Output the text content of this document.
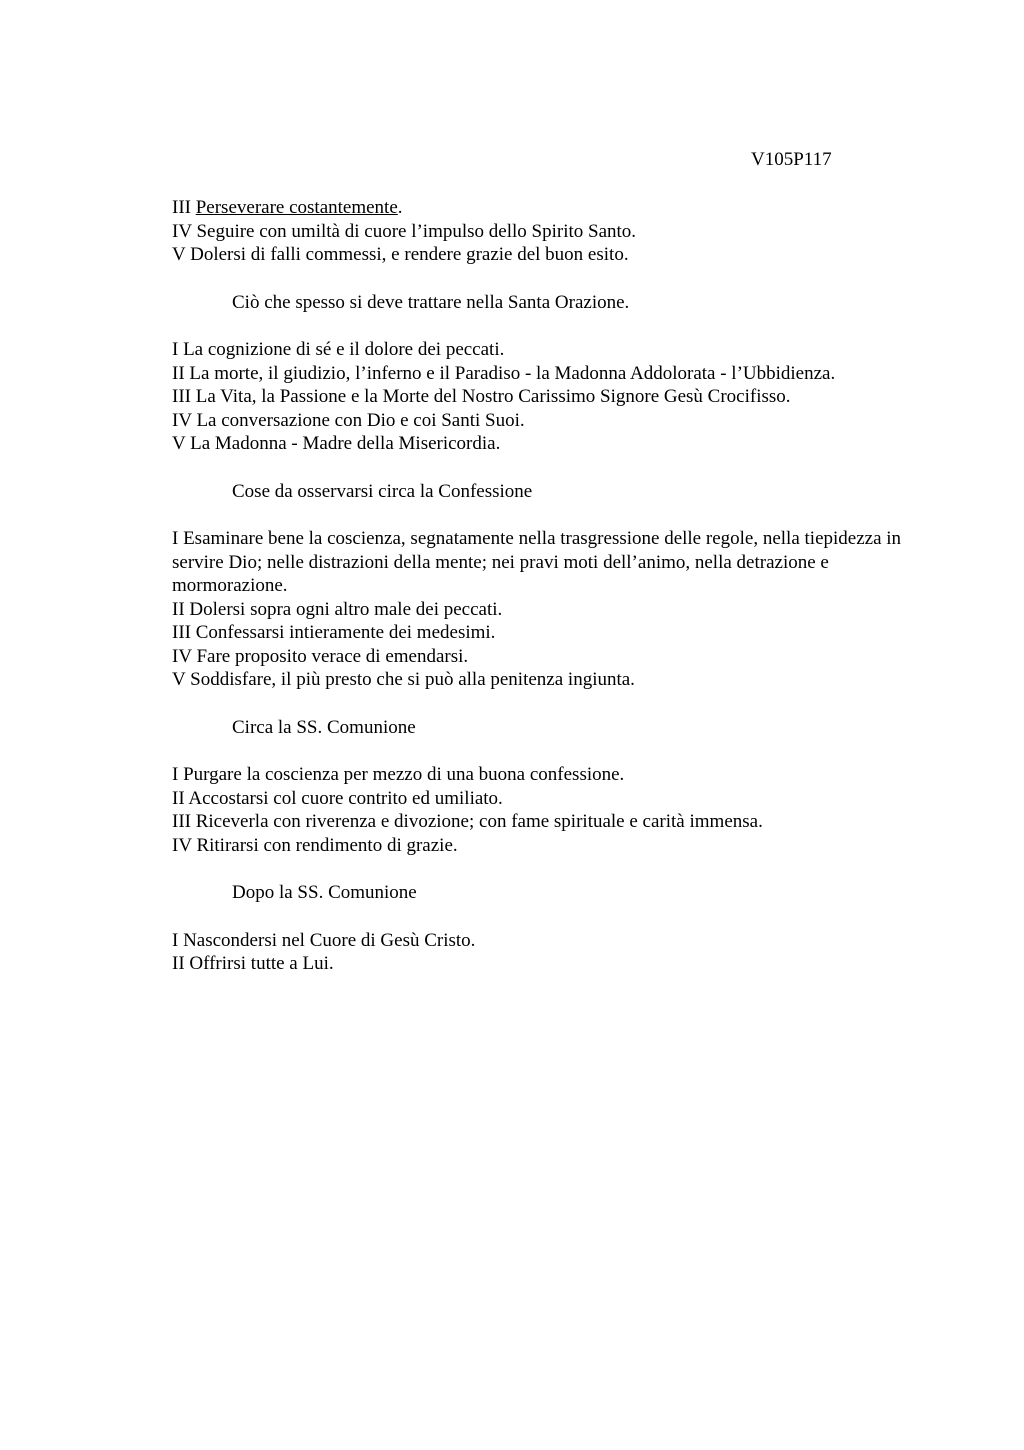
V105P117
III Perseverare costantemente.
IV Seguire con umiltà di cuore l’impulso dello Spirito Santo.
V Dolersi di falli commessi, e rendere grazie del buon esito.
Ciò che spesso si deve trattare nella Santa Orazione.
I La cognizione di sé e il dolore dei peccati.
II La morte, il giudizio, l’inferno e il Paradiso - la Madonna Addolorata - l’Ubbidienza.
III La Vita, la Passione e la Morte del Nostro Carissimo Signore Gesù Crocifisso.
IV La conversazione con Dio e coi Santi Suoi.
V La Madonna - Madre della Misericordia.
Cose da osservarsi circa la Confessione
I Esaminare bene la coscienza, segnatamente nella trasgressione delle regole, nella tiepidezza in servire Dio; nelle distrazioni della mente; nei pravi moti dell’animo, nella detrazione e mormorazione.
II Dolersi sopra ogni altro male dei peccati.
III Confessarsi intieramente dei medesimi.
IV Fare proposito verace di emendarsi.
V Soddisfare, il più presto che si può alla penitenza ingiunta.
Circa la SS. Comunione
I Purgare la coscienza per mezzo di una buona confessione.
II Accostarsi col cuore contrito ed umiliato.
III Riceverla con riverenza e divozione; con fame spirituale e carità immensa.
IV Ritirarsi con rendimento di grazie.
Dopo la SS. Comunione
I Nascondersi nel Cuore di Gesù Cristo.
II Offrirsi tutte a Lui.
